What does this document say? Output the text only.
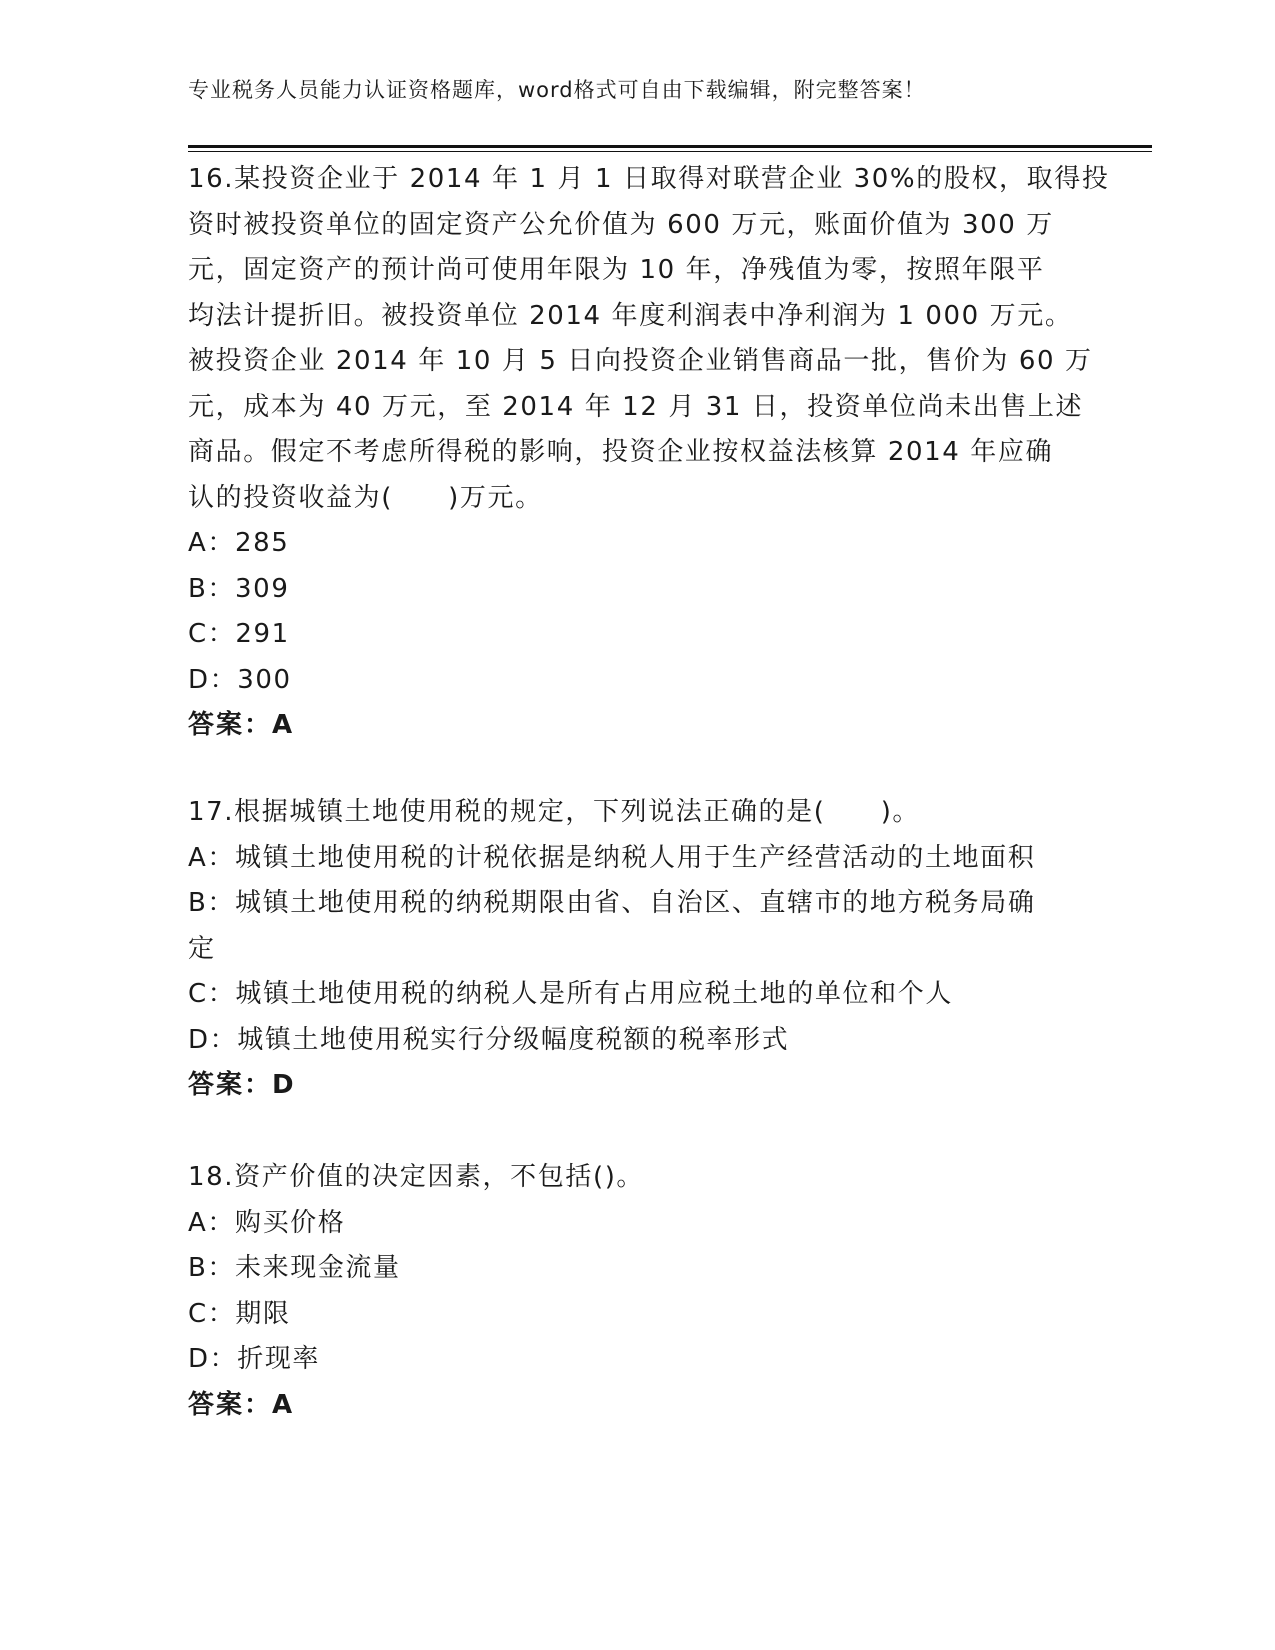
专业税务人员能力认证资格题库，word格式可自由下载编辑，附完整答案！
16.某投资企业于 2014 年 1 月 1 日取得对联营企业 30%的股权，取得投
资时被投资单位的固定资产公允价值为 600 万元，账面价值为 300 万
元，固定资产的预计尚可使用年限为 10 年，净残值为零，按照年限平
均法计提折旧。被投资单位 2014 年度利润表中净利润为 1 000 万元。
被投资企业 2014 年 10 月 5 日向投资企业销售商品一批，售价为 60 万
元，成本为 40 万元，至 2014 年 12 月 31 日，投资单位尚未出售上述
商品。假定不考虑所得税的影响，投资企业按权益法核算 2014 年应确
认的投资收益为(　　)万元。
A：285
B：309
C：291
D：300
答案：A
17.根据城镇土地使用税的规定，下列说法正确的是(　　)。
A：城镇土地使用税的计税依据是纳税人用于生产经营活动的土地面积
B：城镇土地使用税的纳税期限由省、自治区、直辖市的地方税务局确
定
C：城镇土地使用税的纳税人是所有占用应税土地的单位和个人
D：城镇土地使用税实行分级幅度税额的税率形式
答案：D
18.资产价值的决定因素，不包括()。
A：购买价格
B：未来现金流量
C：期限
D：折现率
答案：A
